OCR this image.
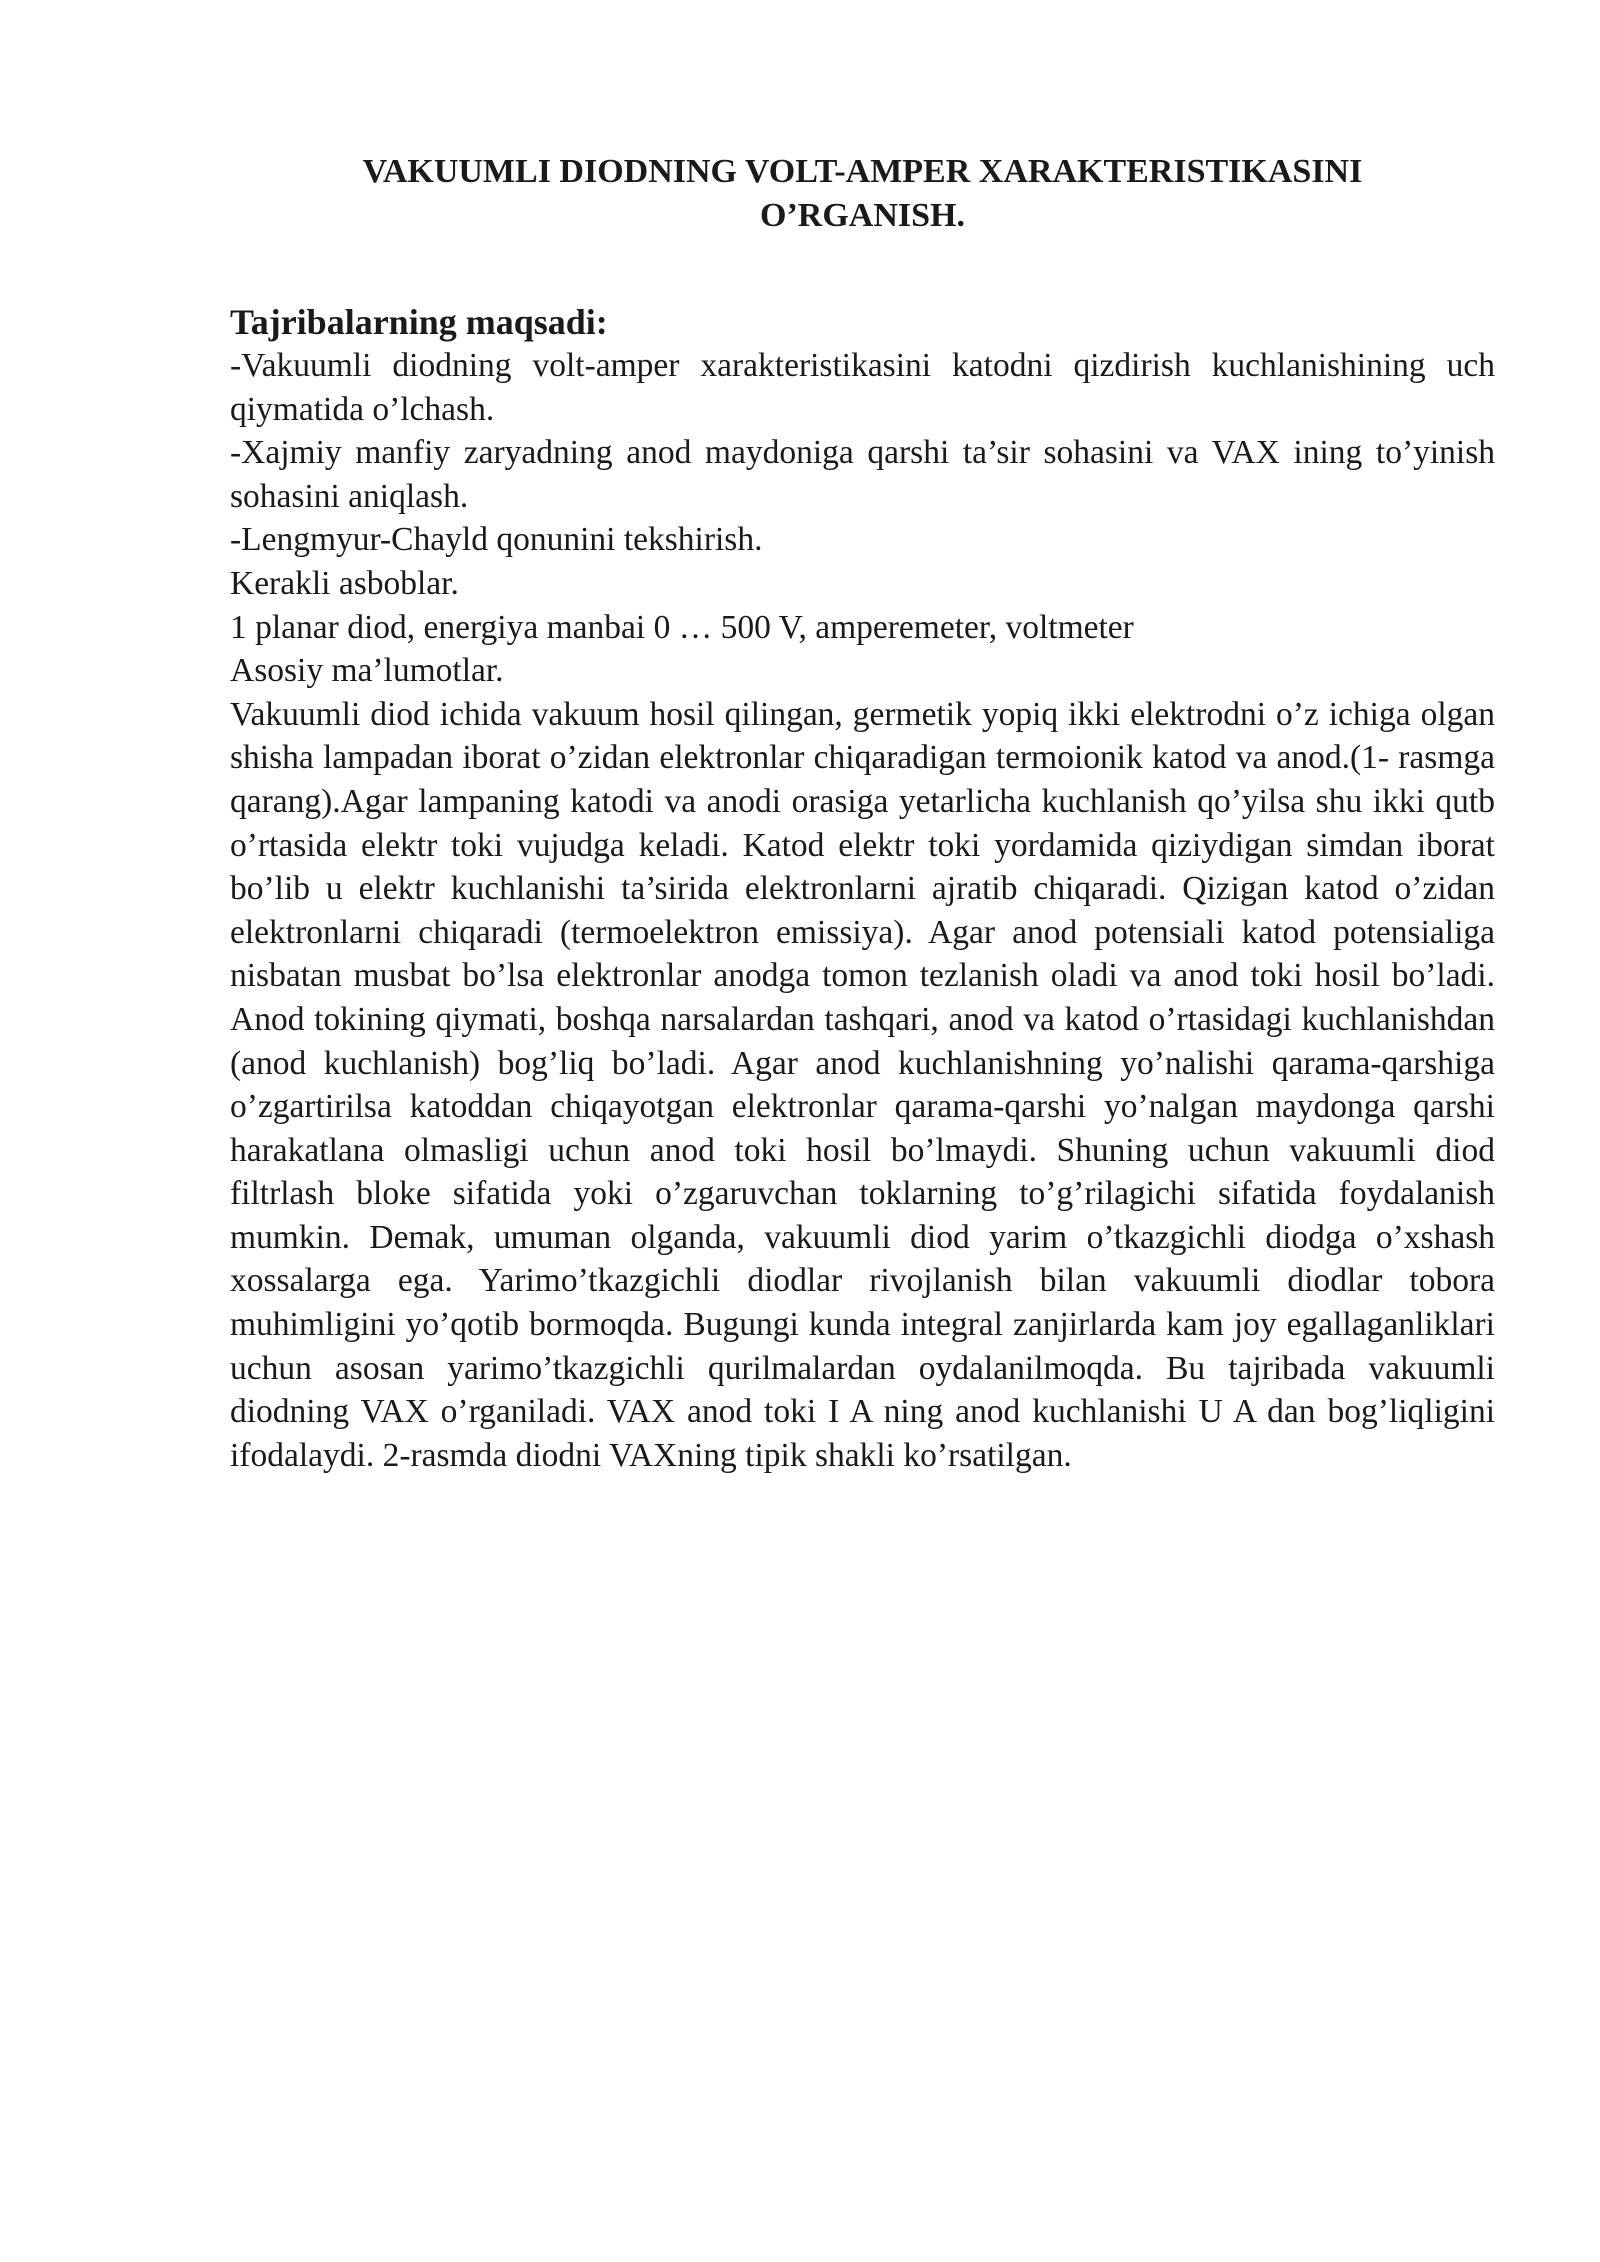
VAKUUMLI DIODNING VOLT-AMPER XARAKTERISTIKASINI
O’RGANISH.

Tajribalarning maqsadi:

-Vakuumli diodning volt-amper xarakteristikasini katodni qizdirish kuchlanishining uch qiymatida o’lchash.

-Xajmiy manfiy zaryadning anod maydoniga qarshi ta’sir sohasini va VAX ining to’yinish sohasini aniqlash.

-Lengmyur-Chayld qonunini tekshirish.

Kerakli asboblar.

1 planar diod, energiya manbai 0 … 500 V, amperemeter, voltmeter

Asosiy ma’lumotlar.

Vakuumli diod ichida vakuum hosil qilingan, germetik yopiq ikki elektrodni o’z ichiga olgan shisha lampadan iborat o’zidan elektronlar chiqaradigan termoionik katod va anod.(1- rasmga qarang).Agar lampaning katodi va anodi orasiga yetarlicha kuchlanish qo’yilsa shu ikki qutb o’rtasida elektr toki vujudga keladi. Katod elektr toki yordamida qiziydigan simdan iborat bo’lib u elektr kuchlanishi ta’sirida elektronlarni ajratib chiqaradi. Qizigan katod o’zidan elektronlarni chiqaradi (termoelektron emissiya). Agar anod potensiali katod potensialiga nisbatan musbat bo’lsa elektronlar anodga tomon tezlanish oladi va anod toki hosil bo’ladi. Anod tokining qiymati, boshqa narsalardan tashqari, anod va katod o’rtasidagi kuchlanishdan (anod kuchlanish) bog’liq bo’ladi. Agar anod kuchlanishning yo’nalishi qarama-qarshiga o’zgartirilsa katoddan chiqayotgan elektronlar qarama-qarshi yo’nalgan maydonga qarshi harakatlana olmasligi uchun anod toki hosil bo’lmaydi. Shuning uchun vakuumli diod filtrlash bloke sifatida yoki o’zgaruvchan toklarning to’g’rilagichi sifatida foydalanish mumkin. Demak, umuman olganda, vakuumli diod yarim o’tkazgichli diodga o’xshash xossalarga ega. Yarimo’tkazgichli diodlar rivojlanish bilan vakuumli diodlar tobora muhimligini yo’qotib bormoqda. Bugungi kunda integral zanjirlarda kam joy egallaganliklari uchun asosan yarimo’tkazgichli qurilmalardan oydalanilmoqda. Bu tajribada vakuumli diodning VAX o’rganiladi. VAX anod toki I A ning anod kuchlanishi U A dan bog’liqligini ifodalaydi. 2-rasmda diodni VAXning tipik shakli ko’rsatilgan.
